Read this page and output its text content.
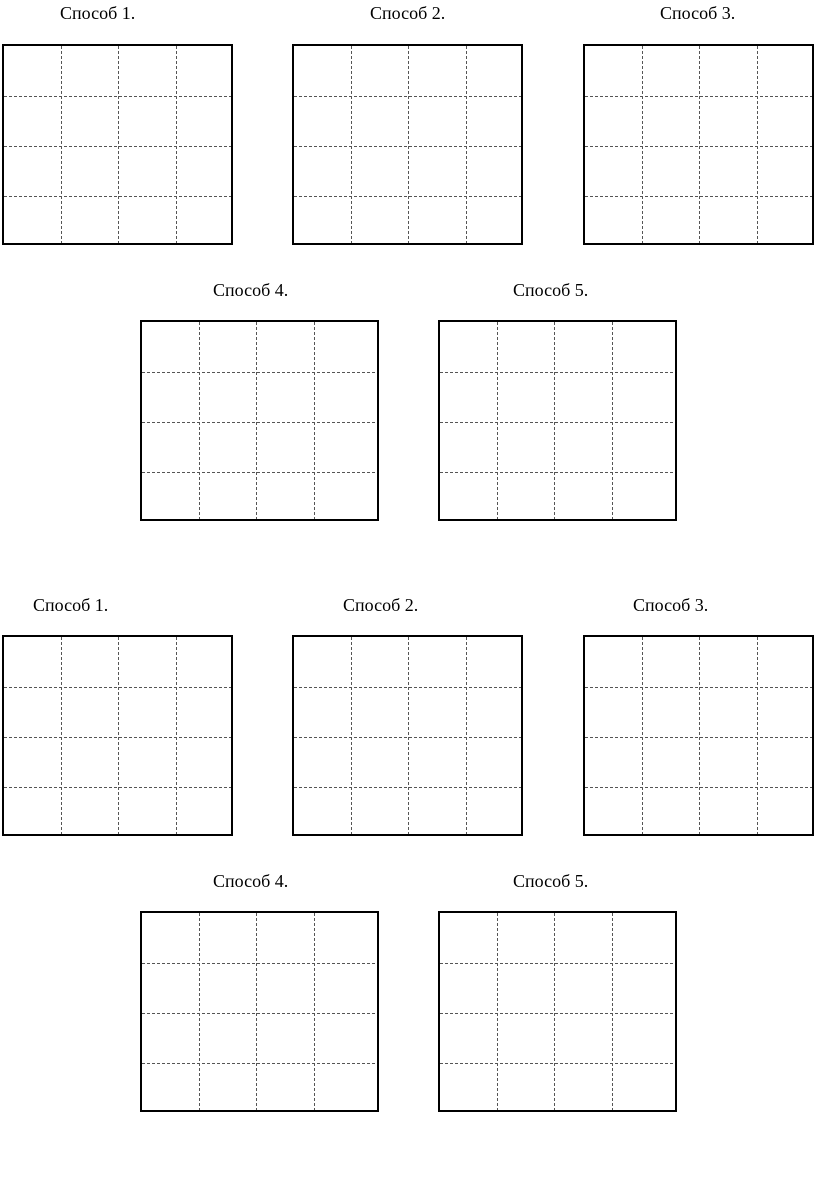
Способ 1.	Способ 2.	Способ 3.
Способ 4.	Способ 5.
Способ 1.	Способ 2.	Способ 3.
Способ 4.	Способ 5.
